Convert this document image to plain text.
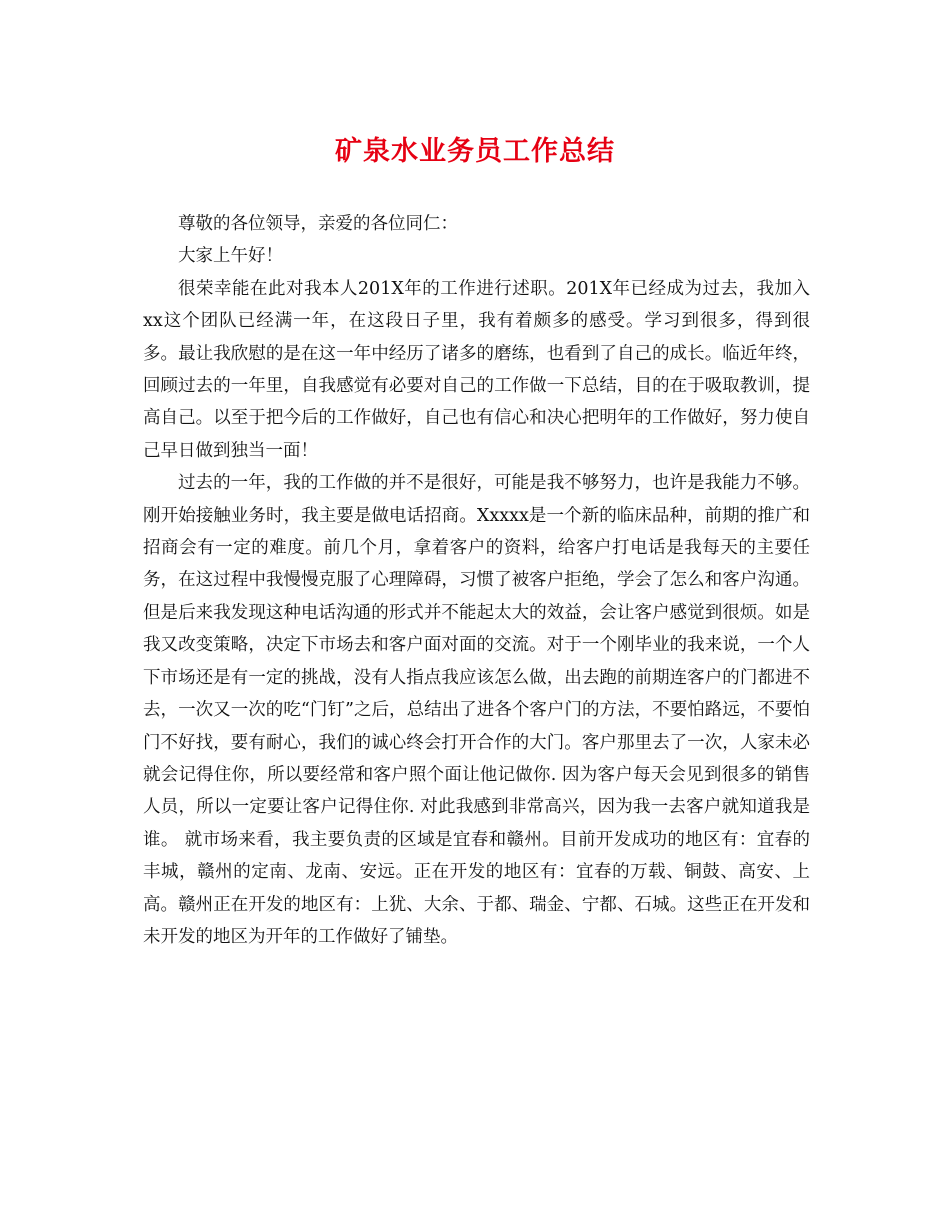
矿泉水业务员工作总结

尊敬的各位领导，亲爱的各位同仁：

大家上午好！

很荣幸能在此对我本人201X年的工作进行述职。201X年已经成为过去，我加入xx这个团队已经满一年，在这段日子里，我有着颇多的感受。学习到很多，得到很多。最让我欣慰的是在这一年中经历了诸多的磨练，也看到了自己的成长。临近年终，回顾过去的一年里，自我感觉有必要对自己的工作做一下总结，目的在于吸取教训，提高自己。以至于把今后的工作做好，自己也有信心和决心把明年的工作做好，努力使自己早日做到独当一面！

过去的一年，我的工作做的并不是很好，可能是我不够努力，也许是我能力不够。刚开始接触业务时，我主要是做电话招商。Xxxxx是一个新的临床品种，前期的推广和招商会有一定的难度。前几个月，拿着客户的资料，给客户打电话是我每天的主要任务，在这过程中我慢慢克服了心理障碍，习惯了被客户拒绝，学会了怎么和客户沟通。但是后来我发现这种电话沟通的形式并不能起太大的效益，会让客户感觉到很烦。如是我又改变策略，决定下市场去和客户面对面的交流。对于一个刚毕业的我来说，一个人下市场还是有一定的挑战，没有人指点我应该怎么做，出去跑的前期连客户的门都进不去，一次又一次的吃“门钉”之后，总结出了进各个客户门的方法，不要怕路远，不要怕门不好找，要有耐心，我们的诚心终会打开合作的大门。客户那里去了一次，人家未必就会记得住你，所以要经常和客户照个面让他记做你. 因为客户每天会见到很多的销售人员，所以一定要让客户记得住你. 对此我感到非常高兴，因为我一去客户就知道我是谁。 就市场来看，我主要负责的区域是宜春和赣州。目前开发成功的地区有：宜春的丰城，赣州的定南、龙南、安远。正在开发的地区有：宜春的万载、铜鼓、高安、上高。赣州正在开发的地区有：上犹、大余、于都、瑞金、宁都、石城。这些正在开发和未开发的地区为开年的工作做好了铺垫。
